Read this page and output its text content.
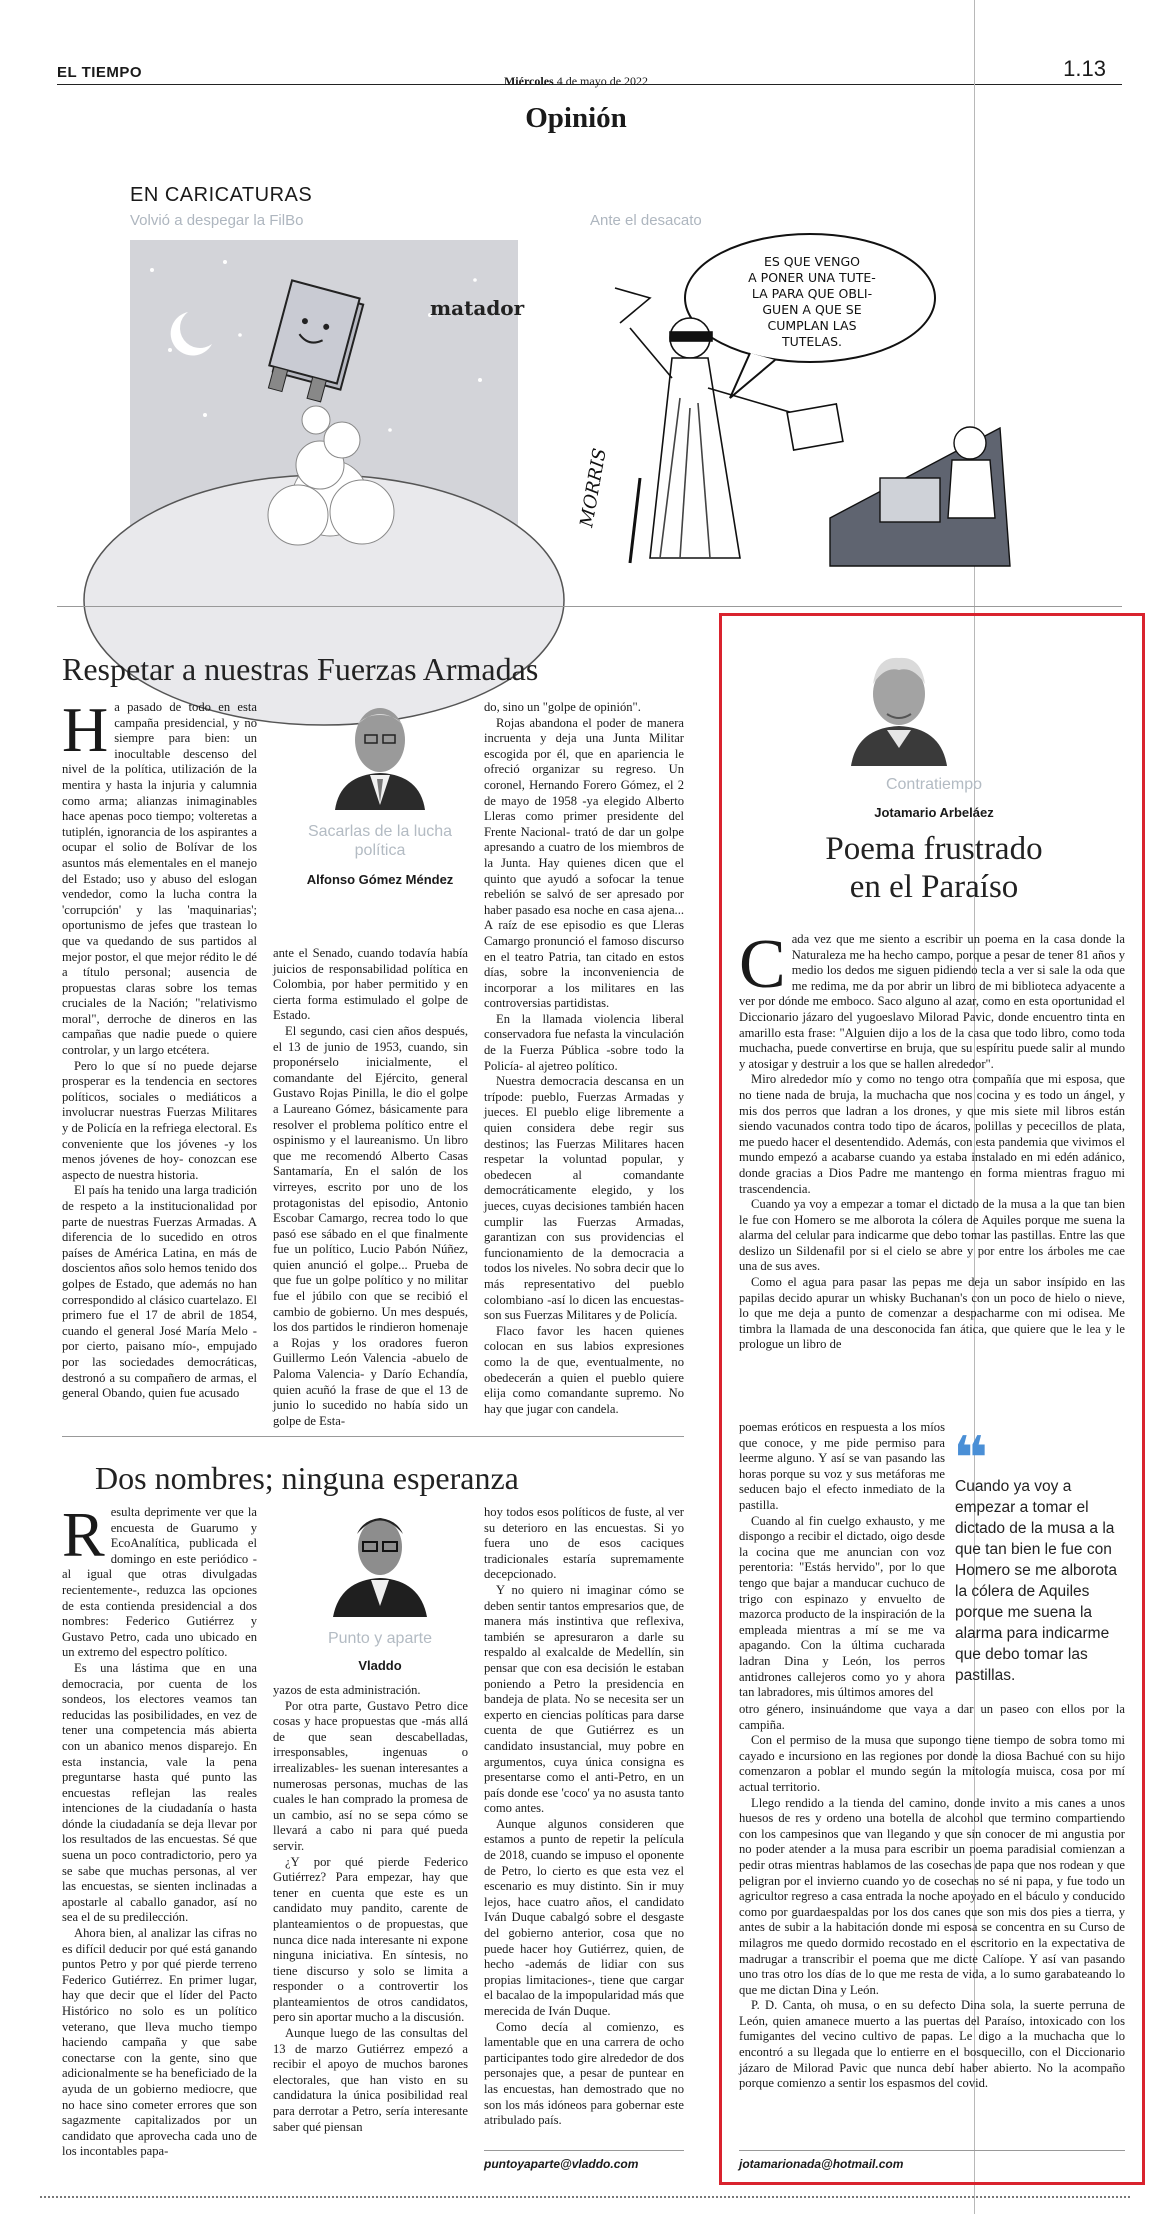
EL TIEMPO	Miércoles 4 de mayo de 2022	1.13
Opinión
EN CARICATURAS
Volvió a despegar la FilBo	Ante el desacato
matador
ES QUE VENGO
A PONER UNA TUTE-
LA PARA QUE OBLI-
GUEN A QUE SE
CUMPLAN LAS
TUTELAS.
MORRIS
Respetar a nuestras Fuerzas Armadas
H a pasado de todo en esta campaña presidencial, y no siempre para bien: un inocultable descenso del nivel de la política, utilización de la mentira y hasta la injuria y calumnia como arma; alianzas inimaginables hace apenas poco tiempo; volteretas a tutiplén, ignorancia de los aspirantes a ocupar el solio de Bolívar de los asuntos más elementales en el manejo del Estado; uso y abuso del eslogan vendedor, como la lucha contra la 'corrupción' y las 'maquinarias'; oportunismo de jefes que trastean lo que va quedando de sus partidos al mejor postor, el que mejor rédito le dé a título personal; ausencia de propuestas claras sobre los temas cruciales de la Nación; "relativismo moral", derroche de dineros en las campañas que nadie puede o quiere controlar, y un largo etcétera.

Pero lo que sí no puede dejarse prosperar es la tendencia en sectores políticos, sociales o mediáticos a involucrar nuestras Fuerzas Militares y de Policía en la refriega electoral. Es conveniente que los jóvenes -y los menos jóvenes de hoy- conozcan ese aspecto de nuestra historia.

El país ha tenido una larga tradición de respeto a la institucionalidad por parte de nuestras Fuerzas Armadas. A diferencia de lo sucedido en otros países de América Latina, en más de doscientos años solo hemos tenido dos golpes de Estado, que además no han correspondido al clásico cuartelazo. El primero fue el 17 de abril de 1854, cuando el general José María Melo -por cierto, paisano mío-, empujado por las sociedades democráticas, destronó a su compañero de armas, el general Obando, quien fue acusado

Sacarlas de la lucha política
Alfonso Gómez Méndez

ante el Senado, cuando todavía había juicios de responsabilidad política en Colombia, por haber permitido y en cierta forma estimulado el golpe de Estado.

El segundo, casi cien años después, el 13 de junio de 1953, cuando, sin proponérselo inicialmente, el comandante del Ejército, general Gustavo Rojas Pinilla, le dio el golpe a Laureano Gómez, básicamente para resolver el problema político entre el ospinismo y el laureanismo. Un libro que me recomendó Alberto Casas Santamaría, En el salón de los virreyes, escrito por uno de los protagonistas del episodio, Antonio Escobar Camargo, recrea todo lo que pasó ese sábado en el que finalmente fue un político, Lucio Pabón Núñez, quien anunció el golpe... Prueba de que fue un golpe político y no militar fue el júbilo con que se recibió el cambio de gobierno. Un mes después, los dos partidos le rindieron homenaje a Rojas y los oradores fueron Guillermo León Valencia -abuelo de Paloma Valencia- y Darío Echandía, quien acuñó la frase de que el 13 de junio lo sucedido no había sido un golpe de Esta-

do, sino un "golpe de opinión".

Rojas abandona el poder de manera incruenta y deja una Junta Militar escogida por él, que en apariencia le ofreció organizar su regreso. Un coronel, Hernando Forero Gómez, el 2 de mayo de 1958 -ya elegido Alberto Lleras como primer presidente del Frente Nacional- trató de dar un golpe apresando a cuatro de los miembros de la Junta. Hay quienes dicen que el quinto que ayudó a sofocar la tenue rebelión se salvó de ser apresado por haber pasado esa noche en casa ajena... A raíz de ese episodio es que Lleras Camargo pronunció el famoso discurso en el teatro Patria, tan citado en estos días, sobre la inconveniencia de incorporar a los militares en las controversias partidistas.

En la llamada violencia liberal conservadora fue nefasta la vinculación de la Fuerza Pública -sobre todo la Policía- al ajetreo político.

Nuestra democracia descansa en un trípode: pueblo, Fuerzas Armadas y jueces. El pueblo elige libremente a quien considera debe regir sus destinos; las Fuerzas Militares hacen respetar la voluntad popular, y obedecen al comandante democráticamente elegido, y los jueces, cuyas decisiones también hacen cumplir las Fuerzas Armadas, garantizan con sus providencias el funcionamiento de la democracia a todos los niveles. No sobra decir que lo más representativo del pueblo colombiano -así lo dicen las encuestas- son sus Fuerzas Militares y de Policía.

Flaco favor les hacen quienes colocan en sus labios expresiones como la de que, eventualmente, no obedecerán a quien el pueblo quiere elija como comandante supremo. No hay que jugar con candela.

Dos nombres; ninguna esperanza
R esulta deprimente ver que la encuesta de Guarumo y EcoAnalítica, publicada el domingo en este periódico -al igual que otras divulgadas recientemente-, reduzca las opciones de esta contienda presidencial a dos nombres: Federico Gutiérrez y Gustavo Petro, cada uno ubicado en un extremo del espectro político.

Es una lástima que en una democracia, por cuenta de los sondeos, los electores veamos tan reducidas las posibilidades, en vez de tener una competencia más abierta con un abanico menos disparejo. En esta instancia, vale la pena preguntarse hasta qué punto las encuestas reflejan las reales intenciones de la ciudadanía o hasta dónde la ciudadanía se deja llevar por los resultados de las encuestas. Sé que suena un poco contradictorio, pero ya se sabe que muchas personas, al ver las encuestas, se sienten inclinadas a apostarle al caballo ganador, así no sea el de su predilección.

Ahora bien, al analizar las cifras no es difícil deducir por qué está ganando puntos Petro y por qué pierde terreno Federico Gutiérrez. En primer lugar, hay que decir que el líder del Pacto Histórico no solo es un político veterano, que lleva mucho tiempo haciendo campaña y que sabe conectarse con la gente, sino que adicionalmente se ha beneficiado de la ayuda de un gobierno mediocre, que no hace sino cometer errores que son sagazmente capitalizados por un candidato que aprovecha cada uno de los incontables papa-

Punto y aparte
Vladdo

yazos de esta administración.

Por otra parte, Gustavo Petro dice cosas y hace propuestas que -más allá de que sean descabelladas, irresponsables, ingenuas o irrealizables- les suenan interesantes a numerosas personas, muchas de las cuales le han comprado la promesa de un cambio, así no se sepa cómo se llevará a cabo ni para qué pueda servir.

¿Y por qué pierde Federico Gutiérrez? Para empezar, hay que tener en cuenta que este es un candidato muy pandito, carente de planteamientos o de propuestas, que nunca dice nada interesante ni expone ninguna iniciativa. En síntesis, no tiene discurso y solo se limita a responder o a controvertir los planteamientos de otros candidatos, pero sin aportar mucho a la discusión.

Aunque luego de las consultas del 13 de marzo Gutiérrez empezó a recibir el apoyo de muchos barones electorales, que han visto en su candidatura la única posibilidad real para derrotar a Petro, sería interesante saber qué piensan

hoy todos esos políticos de fuste, al ver su deterioro en las encuestas. Si yo fuera uno de esos caciques tradicionales estaría supremamente decepcionado.

Y no quiero ni imaginar cómo se deben sentir tantos empresarios que, de manera más instintiva que reflexiva, también se apresuraron a darle su respaldo al exalcalde de Medellín, sin pensar que con esa decisión le estaban poniendo a Petro la presidencia en bandeja de plata. No se necesita ser un experto en ciencias políticas para darse cuenta de que Gutiérrez es un candidato insustancial, muy pobre en argumentos, cuya única consigna es presentarse como el anti-Petro, en un país donde ese 'coco' ya no asusta tanto como antes.

Aunque algunos consideren que estamos a punto de repetir la película de 2018, cuando se impuso el oponente de Petro, lo cierto es que esta vez el escenario es muy distinto. Sin ir muy lejos, hace cuatro años, el candidato Iván Duque cabalgó sobre el desgaste del gobierno anterior, cosa que no puede hacer hoy Gutiérrez, quien, de hecho -además de lidiar con sus propias limitaciones-, tiene que cargar el bacalao de la impopularidad más que merecida de Iván Duque.

Como decía al comienzo, es lamentable que en una carrera de ocho participantes todo gire alrededor de dos personajes que, a pesar de puntear en las encuestas, han demostrado que no son los más idóneos para gobernar este atribulado país.

puntoyaparte@vladdo.com
Contratiempo
Jotamario Arbeláez
Poema frustrado
en el Paraíso
C ada vez que me siento a escribir un poema en la casa donde la Naturaleza me ha hecho campo, porque a pesar de tener 81 años y medio los dedos me siguen pidiendo tecla a ver si sale la oda que me redima, me da por abrir un libro de mi biblioteca adyacente a ver por dónde me emboco. Saco alguno al azar, como en esta oportunidad el Diccionario jázaro del yugoeslavo Milorad Pavic, donde encuentro tinta en amarillo esta frase: "Alguien dijo a los de la casa que todo libro, como toda muchacha, puede convertirse en bruja, que su espíritu puede salir al mundo y atosigar y destruir a los que se hallen alrededor".

Miro alrededor mío y como no tengo otra compañía que mi esposa, que no tiene nada de bruja, la muchacha que nos cocina y es todo un ángel, y mis dos perros que ladran a los drones, y que mis siete mil libros están siendo vacunados contra todo tipo de ácaros, polillas y pececillos de plata, me puedo hacer el desentendido. Además, con esta pandemia que vivimos el mundo empezó a acabarse cuando ya estaba instalado en mi edén adánico, donde gracias a Dios Padre me mantengo en forma mientras fraguo mi trascendencia.

Cuando ya voy a empezar a tomar el dictado de la musa a la que tan bien le fue con Homero se me alborota la cólera de Aquiles porque me suena la alarma del celular para indicarme que debo tomar las pastillas. Entre las que deslizo un Sildenafil por si el cielo se abre y por entre los árboles me cae una de sus aves.

Como el agua para pasar las pepas me deja un sabor insípido en las papilas decido apurar un whisky Buchanan's con un poco de hielo o nieve, lo que me deja a punto de comenzar a despacharme con mi odisea. Me timbra la llamada de una desconocida fan ática, que quiere que le lea y le prologue un libro de

poemas eróticos en respuesta a los míos que conoce, y me pide permiso para leerme alguno. Y así se van pasando las horas porque su voz y sus metáforas me seducen bajo el efecto inmediato de la pastilla.

Cuando al fin cuelgo exhausto, y me dispongo a recibir el dictado, oigo desde la cocina que me anuncian con voz perentoria: "Estás hervido", por lo que tengo que bajar a manducar cuchuco de trigo con espinazo y envuelto de mazorca producto de la inspiración de la empleada mientras a mí se me va apagando. Con la última cucharada ladran Dina y León, los perros antidrones callejeros como yo y ahora tan labradores, mis últimos amores del

❝
Cuando ya voy a empezar a tomar el dictado de la musa a la que tan bien le fue con Homero se me alborota la cólera de Aquiles porque me suena la alarma para indicarme que debo tomar las pastillas.

otro género, insinuándome que vaya a dar un paseo con ellos por la campiña.

Con el permiso de la musa que supongo tiene tiempo de sobra tomo mi cayado e incursiono en las regiones por donde la diosa Bachué con su hijo comenzaron a poblar el mundo según la mitología muisca, cosa por mí actual territorio.

Llego rendido a la tienda del camino, donde invito a mis canes a unos huesos de res y ordeno una botella de alcohol que termino compartiendo con los campesinos que van llegando y que sin conocer de mi angustia por no poder atender a la musa para escribir un poema paradisial comienzan a pedir otras mientras hablamos de las cosechas de papa que nos rodean y que peligran por el invierno cuando yo de cosechas no sé ni papa, y fue todo un agricultor regreso a casa entrada la noche apoyado en el báculo y conducido como por guardaespaldas por los dos canes que son mis dos pies a tierra, y antes de subir a la habitación donde mi esposa se concentra en su Curso de milagros me quedo dormido recostado en el escritorio en la expectativa de madrugar a transcribir el poema que me dicte Calíope. Y así van pasando uno tras otro los días de lo que me resta de vida, a lo sumo garabateando lo que me dictan Dina y León.

P. D. Canta, oh musa, o en su defecto Dina sola, la suerte perruna de León, quien amanece muerto a las puertas del Paraíso, intoxicado con los fumigantes del vecino cultivo de papas. Le digo a la muchacha que lo encontró a su llegada que lo entierre en el bosquecillo, con el Diccionario jázaro de Milorad Pavic que nunca debí haber abierto. No la acompaño porque comienzo a sentir los espasmos del covid.

jotamarionada@hotmail.com
